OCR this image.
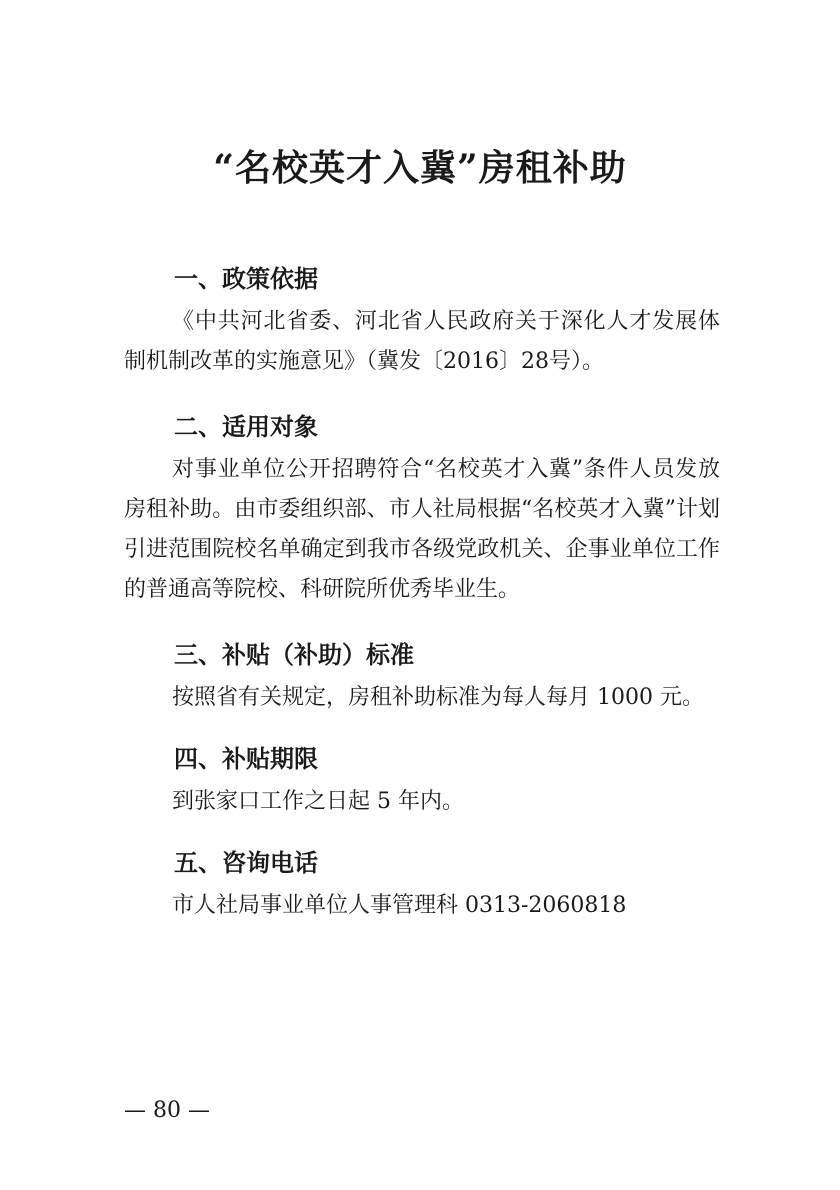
“名校英才入冀”房租补助
一、政策依据

《中共河北省委、河北省人民政府关于深化人才发展体制机制改革的实施意见》（冀发〔2016〕28号）。

二、适用对象

对事业单位公开招聘符合“名校英才入冀”条件人员发放房租补助。由市委组织部、市人社局根据“名校英才入冀”计划引进范围院校名单确定到我市各级党政机关、企事业单位工作的普通高等院校、科研院所优秀毕业生。

三、补贴（补助）标准

按照省有关规定，房租补助标准为每人每月 1000 元。

四、补贴期限

到张家口工作之日起 5 年内。

五、咨询电话

市人社局事业单位人事管理科 0313-2060818

— 80 —
